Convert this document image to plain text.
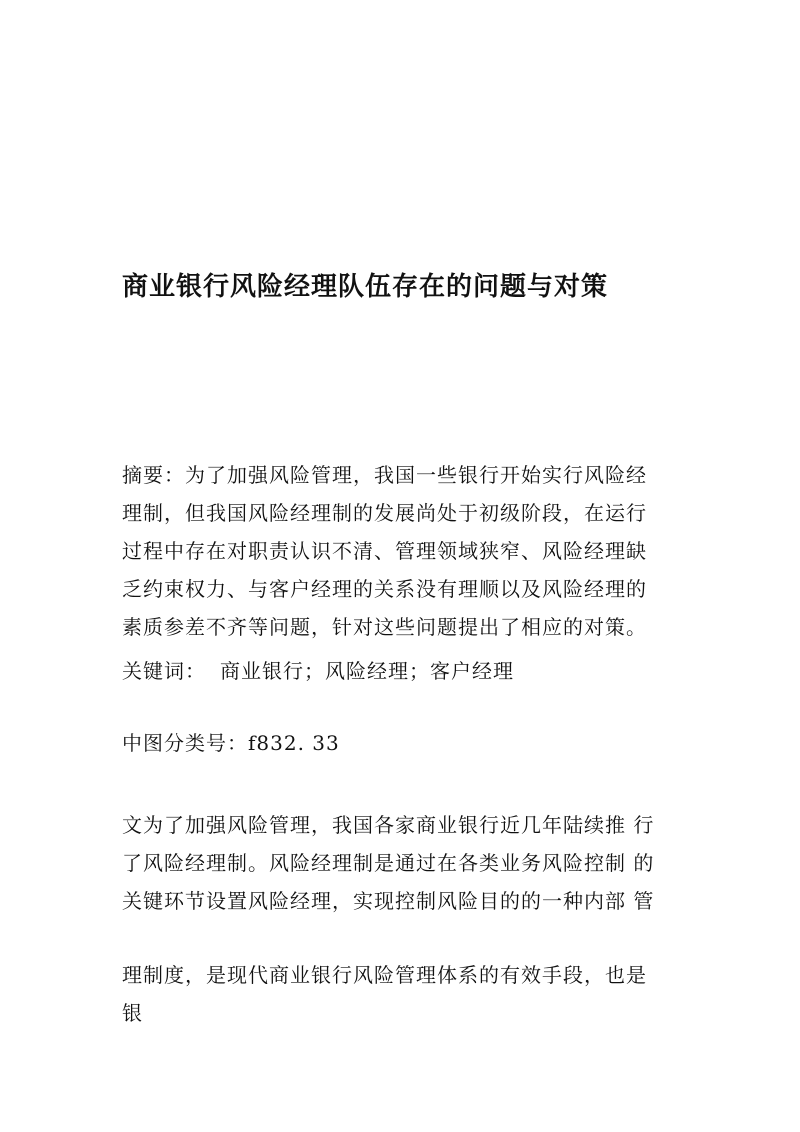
商业银行风险经理队伍存在的问题与对策
摘要：为了加强风险管理，我国一些银行开始实行风险经
理制，但我国风险经理制的发展尚处于初级阶段，在运行
过程中存在对职责认识不清、管理领域狭窄、风险经理缺
乏约束权力、与客户经理的关系没有理顺以及风险经理的
素质参差不齐等问题，针对这些问题提出了相应的对策。
关键词： 商业银行；风险经理；客户经理
中图分类号：f832. 33
文为了加强风险管理，我国各家商业银行近几年陆续推 行
了风险经理制。风险经理制是通过在各类业务风险控制 的
关键环节设置风险经理，实现控制风险目的的一种内部 管
理制度，是现代商业银行风险管理体系的有效手段，也是
银
